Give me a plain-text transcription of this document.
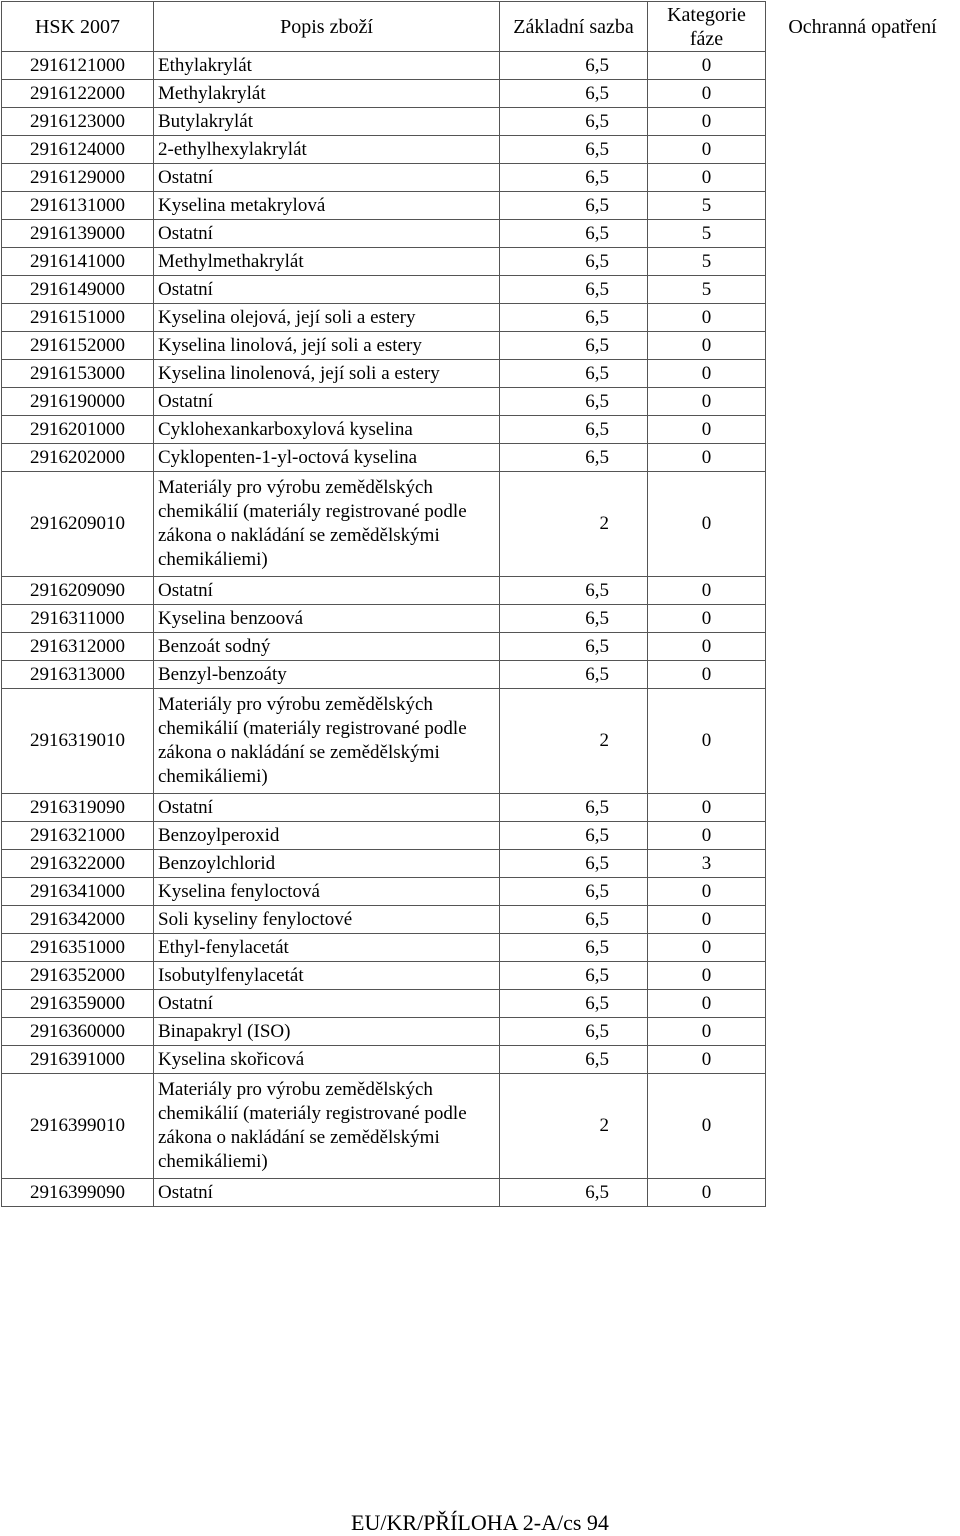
HSK 2007	Popis zboží	Základní sazba	Kategorie fáze	Ochranná opatření
2916121000	Ethylakrylát	6,5	0	
2916122000	Methylakrylát	6,5	0	
2916123000	Butylakrylát	6,5	0	
2916124000	2-ethylhexylakrylát	6,5	0	
2916129000	Ostatní	6,5	0	
2916131000	Kyselina metakrylová	6,5	5	
2916139000	Ostatní	6,5	5	
2916141000	Methylmethakrylát	6,5	5	
2916149000	Ostatní	6,5	5	
2916151000	Kyselina olejová, její soli a estery	6,5	0	
2916152000	Kyselina linolová, její soli a estery	6,5	0	
2916153000	Kyselina linolenová, její soli a estery	6,5	0	
2916190000	Ostatní	6,5	0	
2916201000	Cyklohexankarboxylová kyselina	6,5	0	
2916202000	Cyklopenten-1-yl-octová kyselina	6,5	0	
2916209010	Materiály pro výrobu zemědělských chemikálií (materiály registrované podle zákona o nakládání se zemědělskými chemikáliemi)	2	0	
2916209090	Ostatní	6,5	0	
2916311000	Kyselina benzoová	6,5	0	
2916312000	Benzoát sodný	6,5	0	
2916313000	Benzyl-benzoáty	6,5	0	
2916319010	Materiály pro výrobu zemědělských chemikálií (materiály registrované podle zákona o nakládání se zemědělskými chemikáliemi)	2	0	
2916319090	Ostatní	6,5	0	
2916321000	Benzoylperoxid	6,5	0	
2916322000	Benzoylchlorid	6,5	3	
2916341000	Kyselina fenyloctová	6,5	0	
2916342000	Soli kyseliny fenyloctové	6,5	0	
2916351000	Ethyl-fenylacetát	6,5	0	
2916352000	Isobutylfenylacetát	6,5	0	
2916359000	Ostatní	6,5	0	
2916360000	Binapakryl (ISO)	6,5	0	
2916391000	Kyselina skořicová	6,5	0	
2916399010	Materiály pro výrobu zemědělských chemikálií (materiály registrované podle zákona o nakládání se zemědělskými chemikáliemi)	2	0	
2916399090	Ostatní	6,5	0	
EU/KR/PŘÍLOHA 2-A/cs 94
